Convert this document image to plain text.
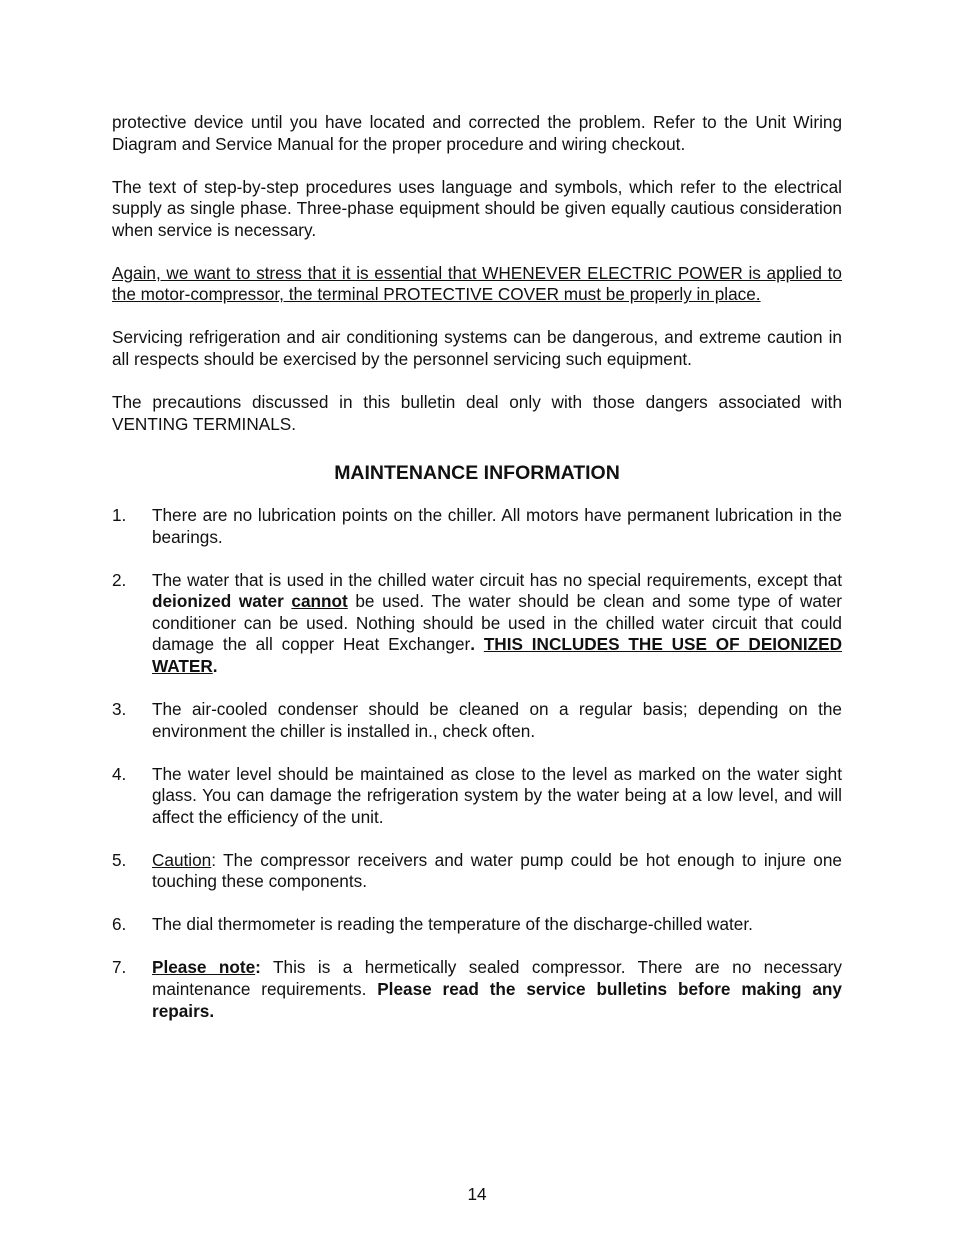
protective device until you have located and corrected the problem. Refer to the Unit Wiring Diagram and Service Manual for the proper procedure and wiring checkout.

The text of step-by-step procedures uses language and symbols, which refer to the electrical supply as single phase. Three-phase equipment should be given equally cautious consideration when service is necessary.

Again, we want to stress that it is essential that WHENEVER ELECTRIC POWER is applied to the motor-compressor, the terminal PROTECTIVE COVER must be properly in place.

Servicing refrigeration and air conditioning systems can be dangerous, and extreme caution in all respects should be exercised by the personnel servicing such equipment.

The precautions discussed in this bulletin deal only with those dangers associated with VENTING TERMINALS.

MAINTENANCE INFORMATION
1. There are no lubrication points on the chiller. All motors have permanent lubrication in the bearings.

2. The water that is used in the chilled water circuit has no special requirements, except that deionized water cannot be used. The water should be clean and some type of water conditioner can be used. Nothing should be used in the chilled water circuit that could damage the all copper Heat Exchanger. THIS INCLUDES THE USE OF DEIONIZED WATER.

3. The air-cooled condenser should be cleaned on a regular basis; depending on the environment the chiller is installed in., check often.

4. The water level should be maintained as close to the level as marked on the water sight glass. You can damage the refrigeration system by the water being at a low level, and will affect the efficiency of the unit.

5. Caution: The compressor receivers and water pump could be hot enough to injure one touching these components.

6. The dial thermometer is reading the temperature of the discharge-chilled water.

7. Please note: This is a hermetically sealed compressor. There are no necessary maintenance requirements. Please read the service bulletins before making any repairs.

14
